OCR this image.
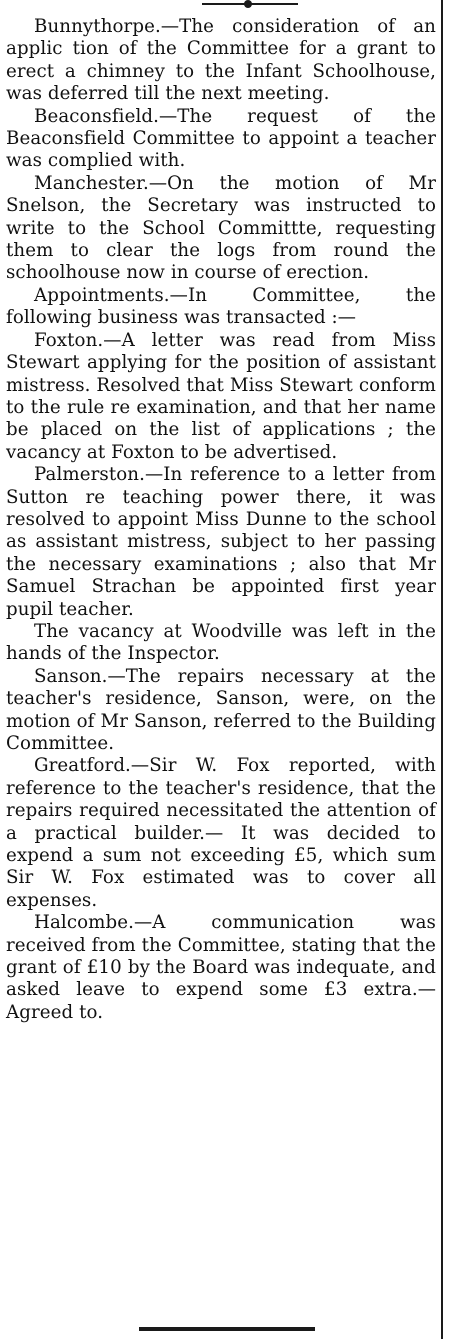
Bunnythorpe.—The consideration of an applic tion of the Committee for a grant to erect a chimney to the Infant Schoolhouse, was deferred till the next meeting.

Beaconsfield.—The request of the Beaconsfield Committee to appoint a teacher was complied with.

Manchester.—On the motion of Mr Snelson, the Secretary was instructed to write to the School Committte, requesting them to clear the logs from round the schoolhouse now in course of erection.

Appointments.—In Committee, the following business was transacted :—

Foxton.—A letter was read from Miss Stewart applying for the position of assistant mistress. Resolved that Miss Stewart conform to the rule re examination, and that her name be placed on the list of applications ; the vacancy at Foxton to be advertised.

Palmerston.—In reference to a letter from Sutton re teaching power there, it was resolved to appoint Miss Dunne to the school as assistant mistress, subject to her passing the necessary examinations ; also that Mr Samuel Strachan be appointed first year pupil teacher.

The vacancy at Woodville was left in the hands of the Inspector.

Sanson.—The repairs necessary at the teacher's residence, Sanson, were, on the motion of Mr Sanson, referred to the Building Committee.

Greatford.—Sir W. Fox reported, with reference to the teacher's residence, that the repairs required necessitated the attention of a practical builder.— It was decided to expend a sum not exceeding £5, which sum Sir W. Fox estimated was to cover all expenses.

Halcombe.—A communication was received from the Committee, stating that the grant of £10 by the Board was indequate, and asked leave to expend some £3 extra.—Agreed to.
